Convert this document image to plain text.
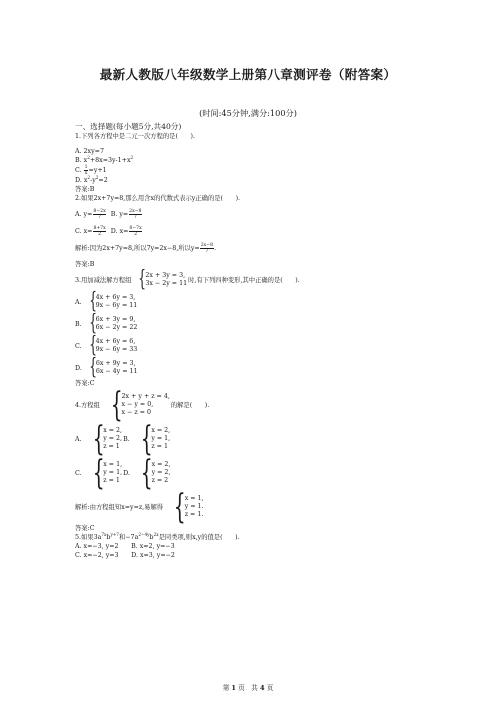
最新人教版八年级数学上册第八章测评卷（附答案）
(时间:45分钟,满分:100分)
一、选择题(每小题5分,共40分)
1.下列各方程中是二元一次方程的是(　　).
A. 2xy=7
B. $x^2+8x=3y-1+x^2$
C. $\frac{1}{x} =y+1$
D. $x^2-y^2=2$
答案:B
2.如果2x+7y=8,那么用含x的代数式表示y正确的是(　　).
A. $y= \frac{8-2x}{7} B$. $y= \frac{2x-8}{7}$
C. $x= \frac{8+7x}{2} D$. $x= \frac{8-7x}{2}$
解析:因为2x+7y=8,所以7y=2x−8,所以$y= \frac{2x-8}{7}$ .
答案:B
3.用加减法解方程组 { 2x + 3y = 3,
3x − 2y = 11 时,有下列四种变形,其中正确的是(　　).
A. { 4x + 6y = 3,
9x − 6y = 11
B. { 6x + 3y = 9,
6x − 2y = 22
C. { 4x + 6y = 6,
9x − 6y = 33
D. { 6x + 9y = 3,
6x − 4y = 11
答案:C
4.方程组 { 2x + y + z = 4,
x − y = 0,
x − z = 0
的解是(　　).
A. { x = 2,
y = 2,
z = 1
B. { x = 2,
y = 1,
z = 1
C. { x = 1,
y = 1,
z = 1
D. { x = 2,
y = 2,
z = 2
解析:由方程组知x=y=z,易解得 { x = 1,
y = 1.
z = 1.
答案:C
5.如果$3a^{7x}b^{y+7}$和$-7a^{2-4y}b^{2x}$是同类项,则x,y的值是(　　).
A. x=−3, y=2　　B. x=2, y=−3
C. x=−2, y=3　　D. x=3, y=−2
第 1 页　共 4 页
